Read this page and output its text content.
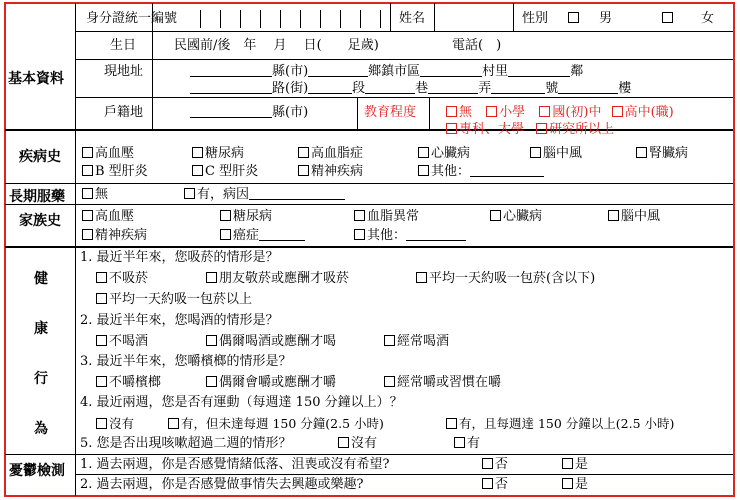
基本資料
身分證統一編號	姓名	性別	男	女
生日	民國前/後　年　 月　 日(　　足歲)	電話(　)
現地址	縣(市)	鄉鎮市區	村里	鄰
路(街)	段	巷	弄	號	樓
戶籍地	縣(市)	教育程度	無 小學 國(初)中 高中(職)
專科、大學 研究所以上
疾病史	高血壓	糖尿病	高血脂症	心臟病	腦中風	腎臟病
B 型肝炎	C 型肝炎	精神疾病	其他：
長期服藥	無	有，病因
家族史	高血壓	糖尿病	血脂異常	心臟病	腦中風
精神疾病	癌症	其他：
健
康
行
為
1. 最近半年來，您吸菸的情形是？
不吸菸	朋友敬菸或應酬才吸菸	平均一天約吸一包菸(含以下)
平均一天約吸一包菸以上
2. 最近半年來，您喝酒的情形是？
不喝酒	偶爾喝酒或應酬才喝	經常喝酒
3. 最近半年來，您嚼檳榔的情形是？
不嚼檳榔	偶爾會嚼或應酬才嚼	經常嚼或習慣在嚼
4. 最近兩週，您是否有運動（每週達 150 分鐘以上）？
沒有	有，但未達每週 150 分鐘(2.5 小時)	有，且每週達 150 分鐘以上(2.5 小時)
5. 您是否出現咳嗽超過二週的情形？	沒有	有
憂鬱檢測 1. 過去兩週，你是否感覺情緒低落、沮喪或沒有希望?	否	是
2. 過去兩週，你是否感覺做事情失去興趣或樂趣?	否	是
